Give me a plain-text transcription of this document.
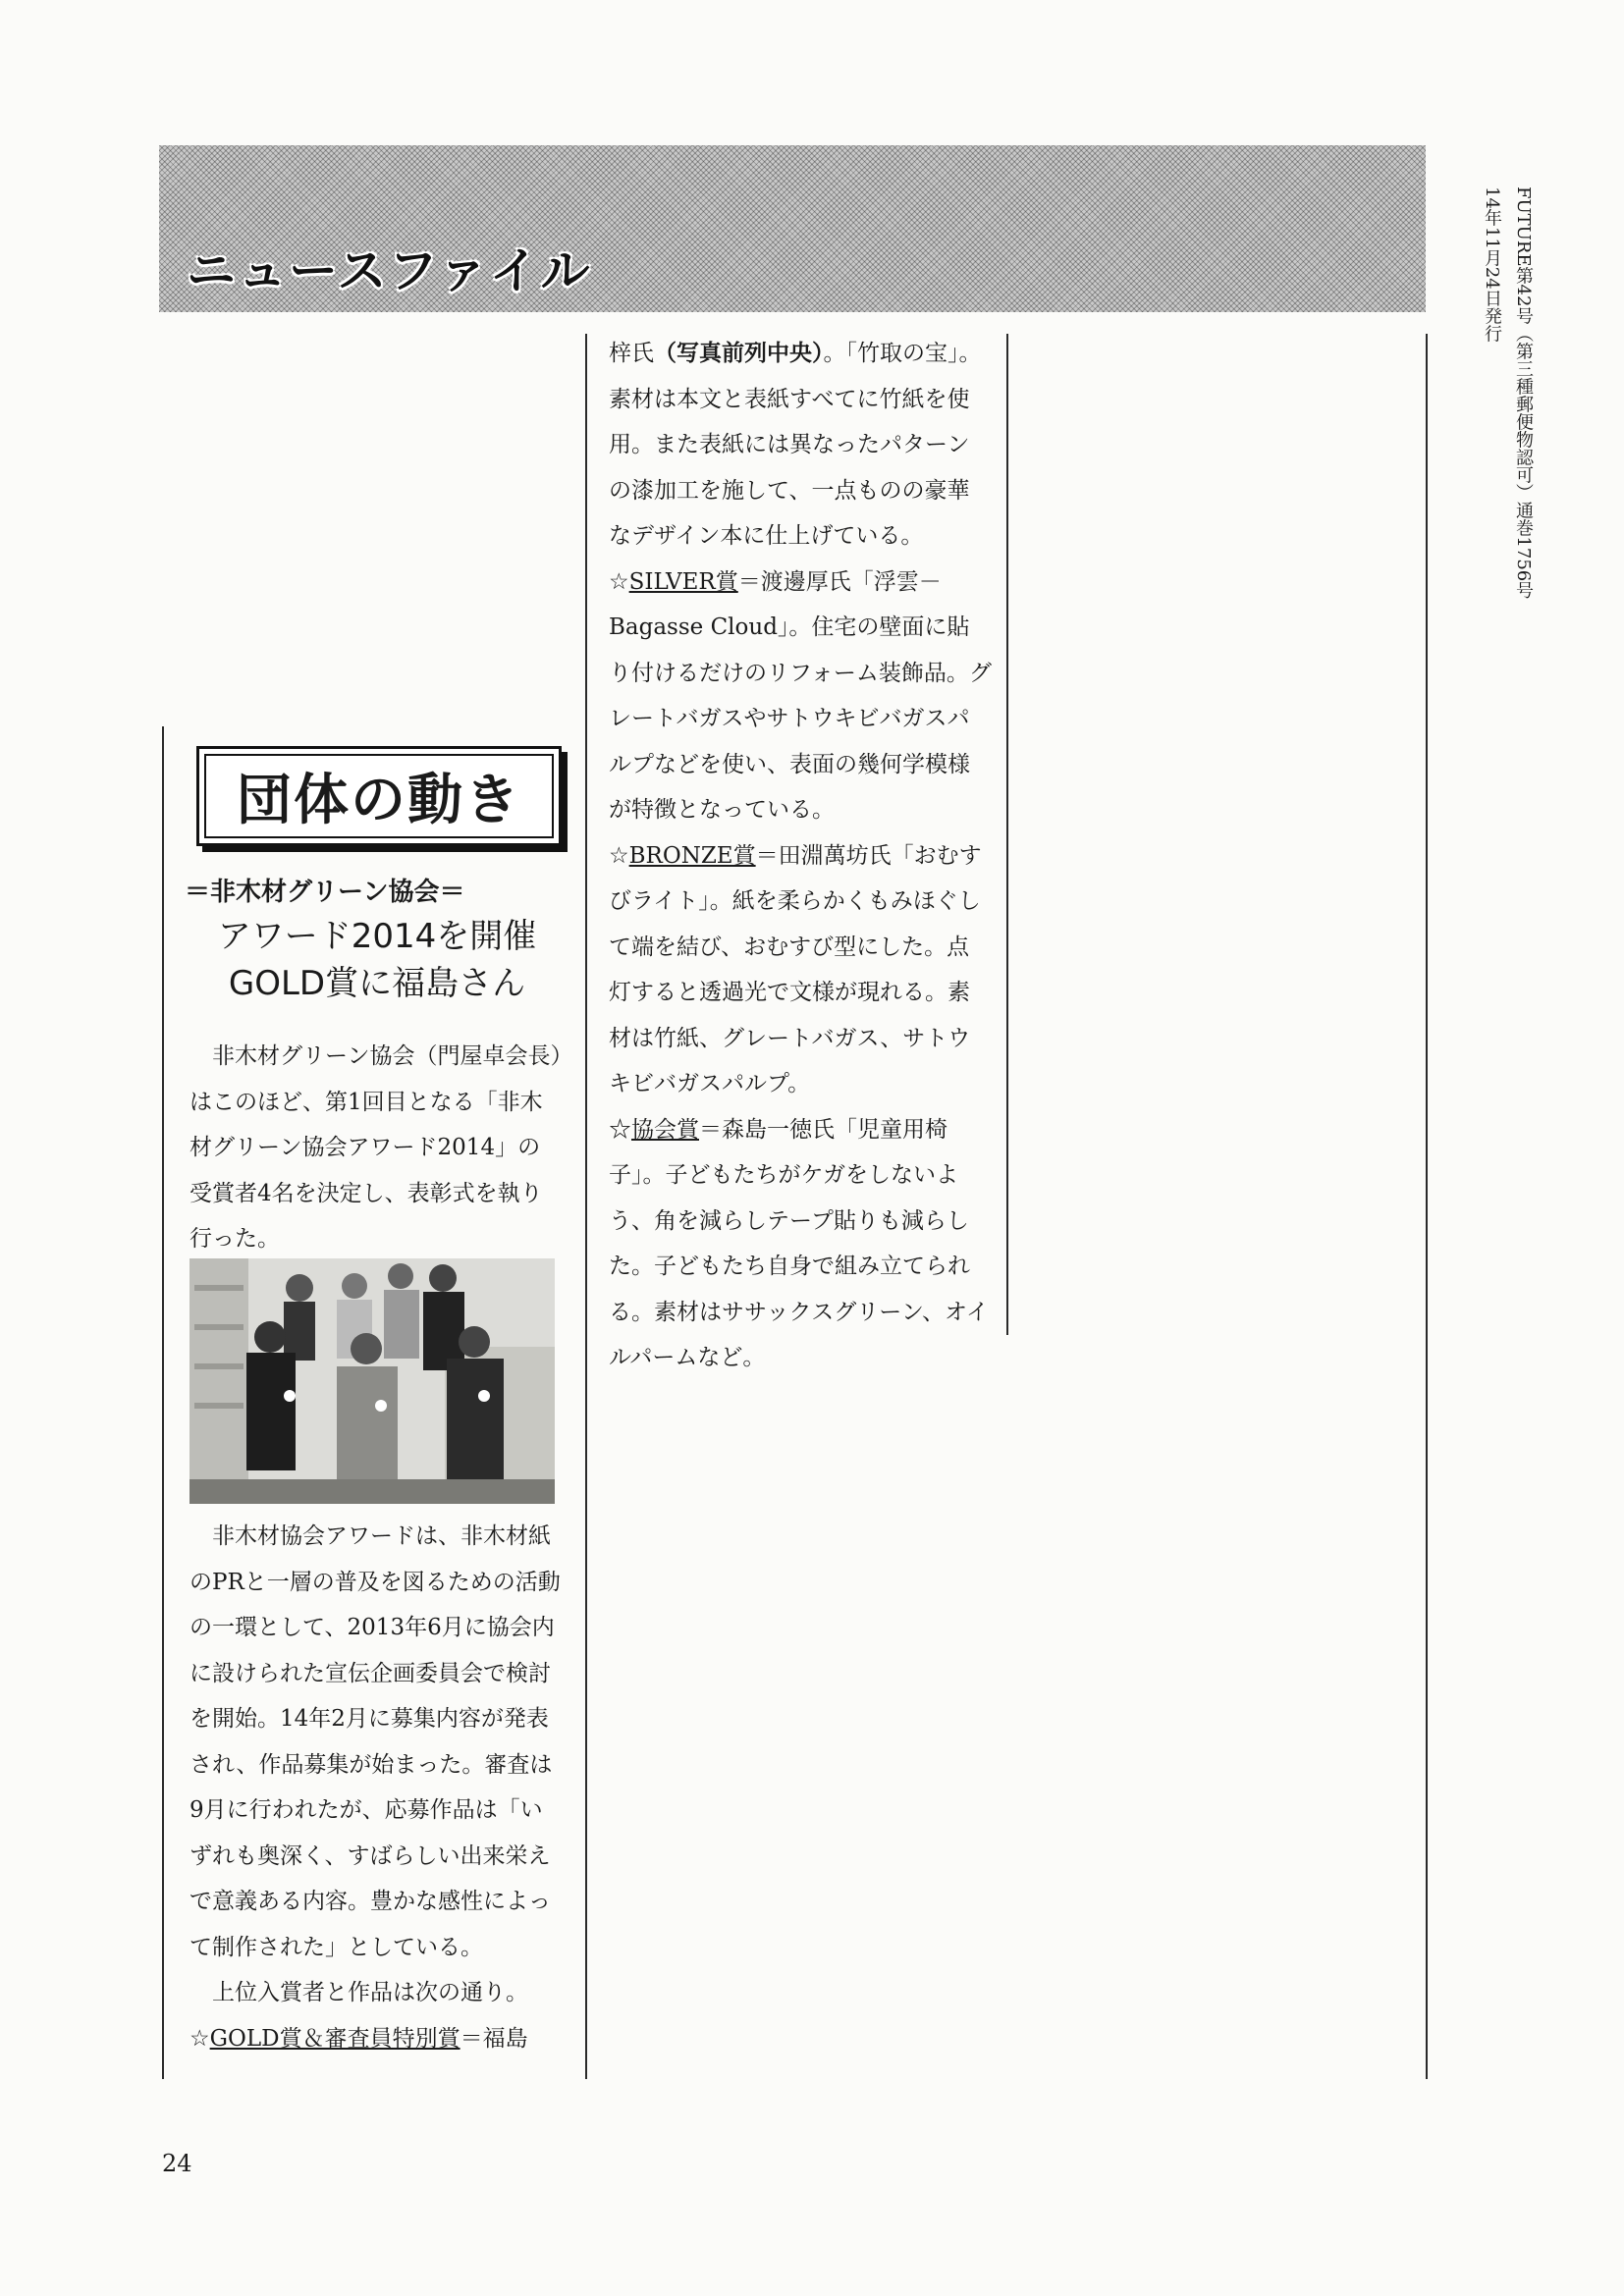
ニュースファイル	14年11月24日発行 FUTURE第42号（第三種郵便物認可）通巻1756号
団体の動き
＝非木材グリーン協会＝
アワード2014を開催
GOLD賞に福島さん

非木材グリーン協会（門屋卓会長）はこのほど、第1回目となる「非木材グリーン協会アワード2014」の受賞者4名を決定し、表彰式を執り行った。

非木材協会アワードは、非木材紙のPRと一層の普及を図るための活動の一環として、2013年6月に協会内に設けられた宣伝企画委員会で検討を開始。14年2月に募集内容が発表され、作品募集が始まった。審査は9月に行われたが、応募作品は「いずれも奥深く、すばらしい出来栄えで意義ある内容。豊かな感性によって制作された」としている。

上位入賞者と作品は次の通り。

☆GOLD賞＆審査員特別賞＝福島

梓氏（写真前列中央）。「竹取の宝」。素材は本文と表紙すべてに竹紙を使用。また表紙には異なったパターンの漆加工を施して、一点ものの豪華なデザイン本に仕上げている。

☆SILVER賞＝渡邊厚氏「浮雲－Bagasse Cloud」。住宅の壁面に貼り付けるだけのリフォーム装飾品。グレートバガスやサトウキビバガスパルプなどを使い、表面の幾何学模様が特徴となっている。

☆BRONZE賞＝田淵萬坊氏「おむすびライト」。紙を柔らかくもみほぐして端を結び、おむすび型にした。点灯すると透過光で文様が現れる。素材は竹紙、グレートバガス、サトウキビバガスパルプ。

☆協会賞＝森島一徳氏「児童用椅子」。子どもたちがケガをしないよう、角を減らしテープ貼りも減らした。子どもたち自身で組み立てられる。素材はササックスグリーン、オイルパームなど。

24
